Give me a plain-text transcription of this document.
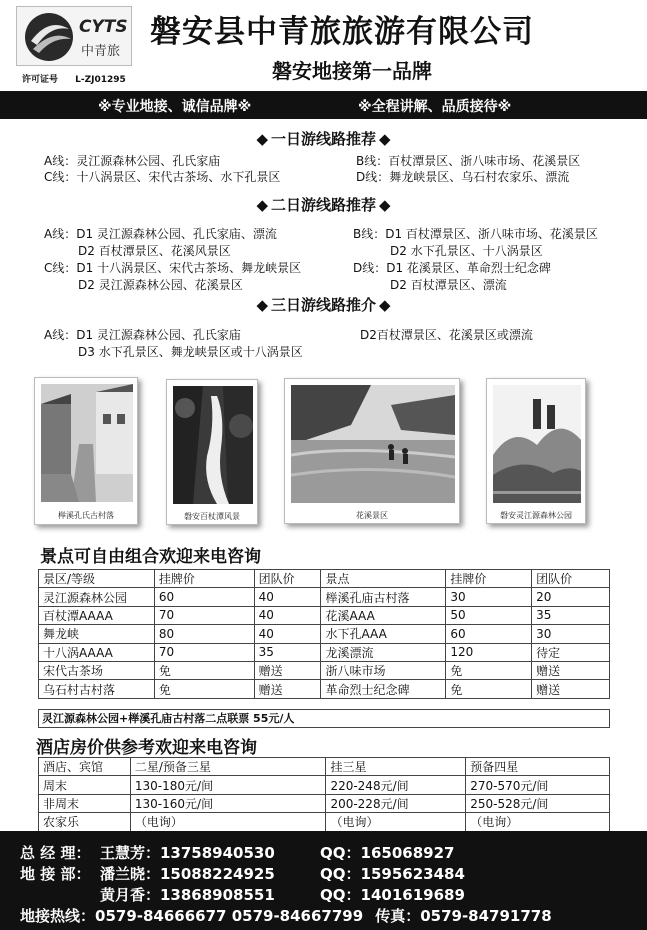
CYTS
中青旅
许可证号 L-ZJ01295
磐安县中青旅旅游有限公司
磐安地接第一品牌
※专业地接、诚信品牌※	※全程讲解、品质接待※
◆ 一日游线路推荐 ◆
A线：灵江源森林公园、孔氏家庙	B线：百杖潭景区、浙八味市场、花溪景区
C线：十八涡景区、宋代古茶场、水下孔景区	D线：舞龙峡景区、乌石村农家乐、漂流
◆ 二日游线路推荐 ◆
A线：D1 灵江源森林公园、孔氏家庙、漂流
D2 百杖潭景区、花溪风景区
B线：D1 百杖潭景区、浙八味市场、花溪景区
D2 水下孔景区、十八涡景区
C线：D1 十八涡景区、宋代古茶场、舞龙峡景区
D2 灵江源森林公园、花溪景区
D线：D1 花溪景区、革命烈士纪念碑
D2 百杖潭景区、漂流
◆ 三日游线路推介 ◆
A线：D1 灵江源森林公园、孔氏家庙	D2百杖潭景区、花溪景区或漂流
D3 水下孔景区、舞龙峡景区或十八涡景区
榉溪孔氏古村落	磐安百杖潭风景	花溪景区	磐安灵江源森林公园
景点可自由组合欢迎来电咨询
景区/等级	挂牌价	团队价	景点	挂牌价	团队价
灵江源森林公园	60	40	榉溪孔庙古村落	30	20
百杖潭AAAA	70	40	花溪AAA	50	35
舞龙峡	80	40	水下孔AAA	60	30
十八涡AAAA	70	35	龙溪漂流	120	待定
宋代古茶场	免	赠送	浙八味市场	免	赠送
乌石村古村落	免	赠送	革命烈士纪念碑	免	赠送
灵江源森林公园+榉溪孔庙古村落二点联票 55元/人
酒店房价供参考欢迎来电咨询
酒店、宾馆	二星/预备三星	挂三星	预备四星
周末	130-180元/间	220-248元/间	270-570元/间
非周末	130-160元/间	200-228元/间	250-528元/间
农家乐	（电询）	（电询）	（电询）
总 经 理： 王慧芳：13758940530	QQ：165068927
地 接 部： 潘兰晓：15088224925	QQ：1595623484
黄月香：13868908551	QQ：1401619689
地接热线：0579-84666677 0579-84667799 传真：0579-84791778
